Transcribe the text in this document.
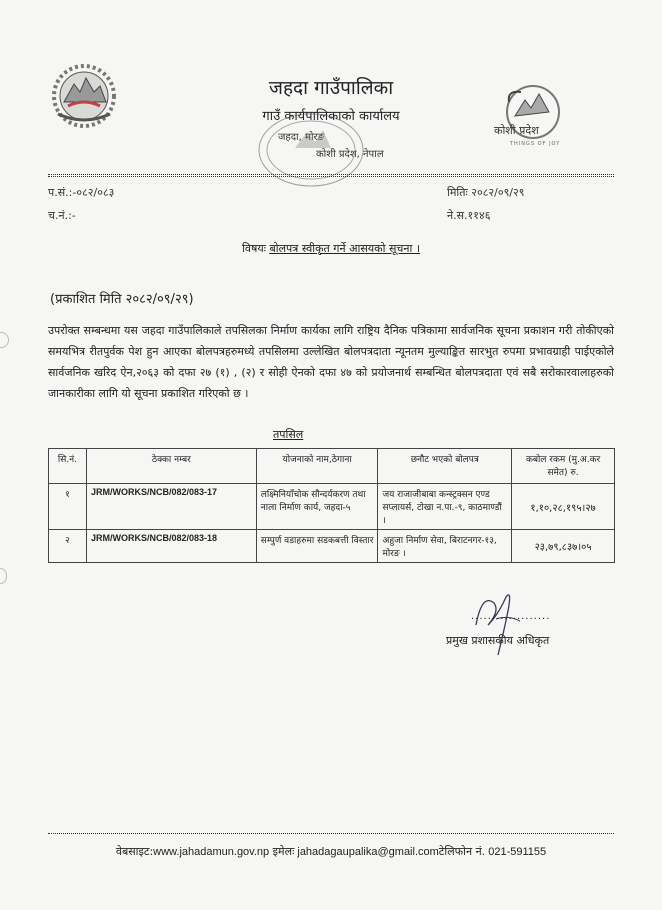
जहदा गाउँपालिका
गाउँ कार्यपालिकाको कार्यालय
जहदा, मोरङ
कोशी प्रदेश, नेपाल
कोशी प्रदेश
THINGS OF JOY
प.सं.:-०८२/०८३
च.नं.:-
मितिः २०८२/०९/२९
ने.स.११४६
विषयः बोलपत्र स्वीकृत गर्ने आसयको सूचना ।
(प्रकाशित मिति २०८२/०९/२९)
उपरोक्त सम्बन्धमा यस जहदा गाउँपालिकाले तपसिलका निर्माण कार्यका लागि राष्ट्रिय दैनिक पत्रिकामा सार्वजनिक सूचना प्रकाशन गरी तोकीएको समयभित्र रीतपुर्वक पेश हुन आएका बोलपत्रहरुमध्ये तपसिलमा उल्लेखित बोलपत्रदाता न्यूनतम मुल्याङ्कित सारभुत रुपमा प्रभावग्राही पाईएकोले सार्वजनिक खरिद ऐन,२०६३ को दफा २७ (१) , (२) र सोही ऐनको दफा ४७ को प्रयोजनार्थ सम्बन्धित बोलपत्रदाता एवं सबै सरोकारवालाहरुको जानकारीका लागि यो सूचना प्रकाशित गरिएको छ ।
तपसिल
सि.नं.	ठेक्का नम्बर	योजनाको नाम,ठेगाना	छनौट भएको बोलपत्र	कबोल रकम (मु.अ.कर समेत) रु.
१	JRM/WORKS/NCB/082/083-17	लक्ष्मिनियाँचोक सौन्दर्यकरण तथा नाला निर्माण कार्य, जहदा-५	जय राजाजीबाबा कन्स्ट्रक्सन एण्ड सप्लायर्स, टोखा न.पा.-९, काठमाण्डौं ।	१,१०,२८,१९५।२७
२	JRM/WORKS/NCB/082/083-18	सम्पुर्ण वडाहरुमा सडकबत्ती विस्तार	अहुजा निर्माण सेवा, बिराटनगर-१३, मोरङ ।	२३,७९,८३७।०५
...................
प्रमुख प्रशासकीय अधिकृत
वेबसाइट:www.jahadamun.gov.np इमेलः jahadagaupalika@gmail.comटेलिफोन नं. 021-591155
